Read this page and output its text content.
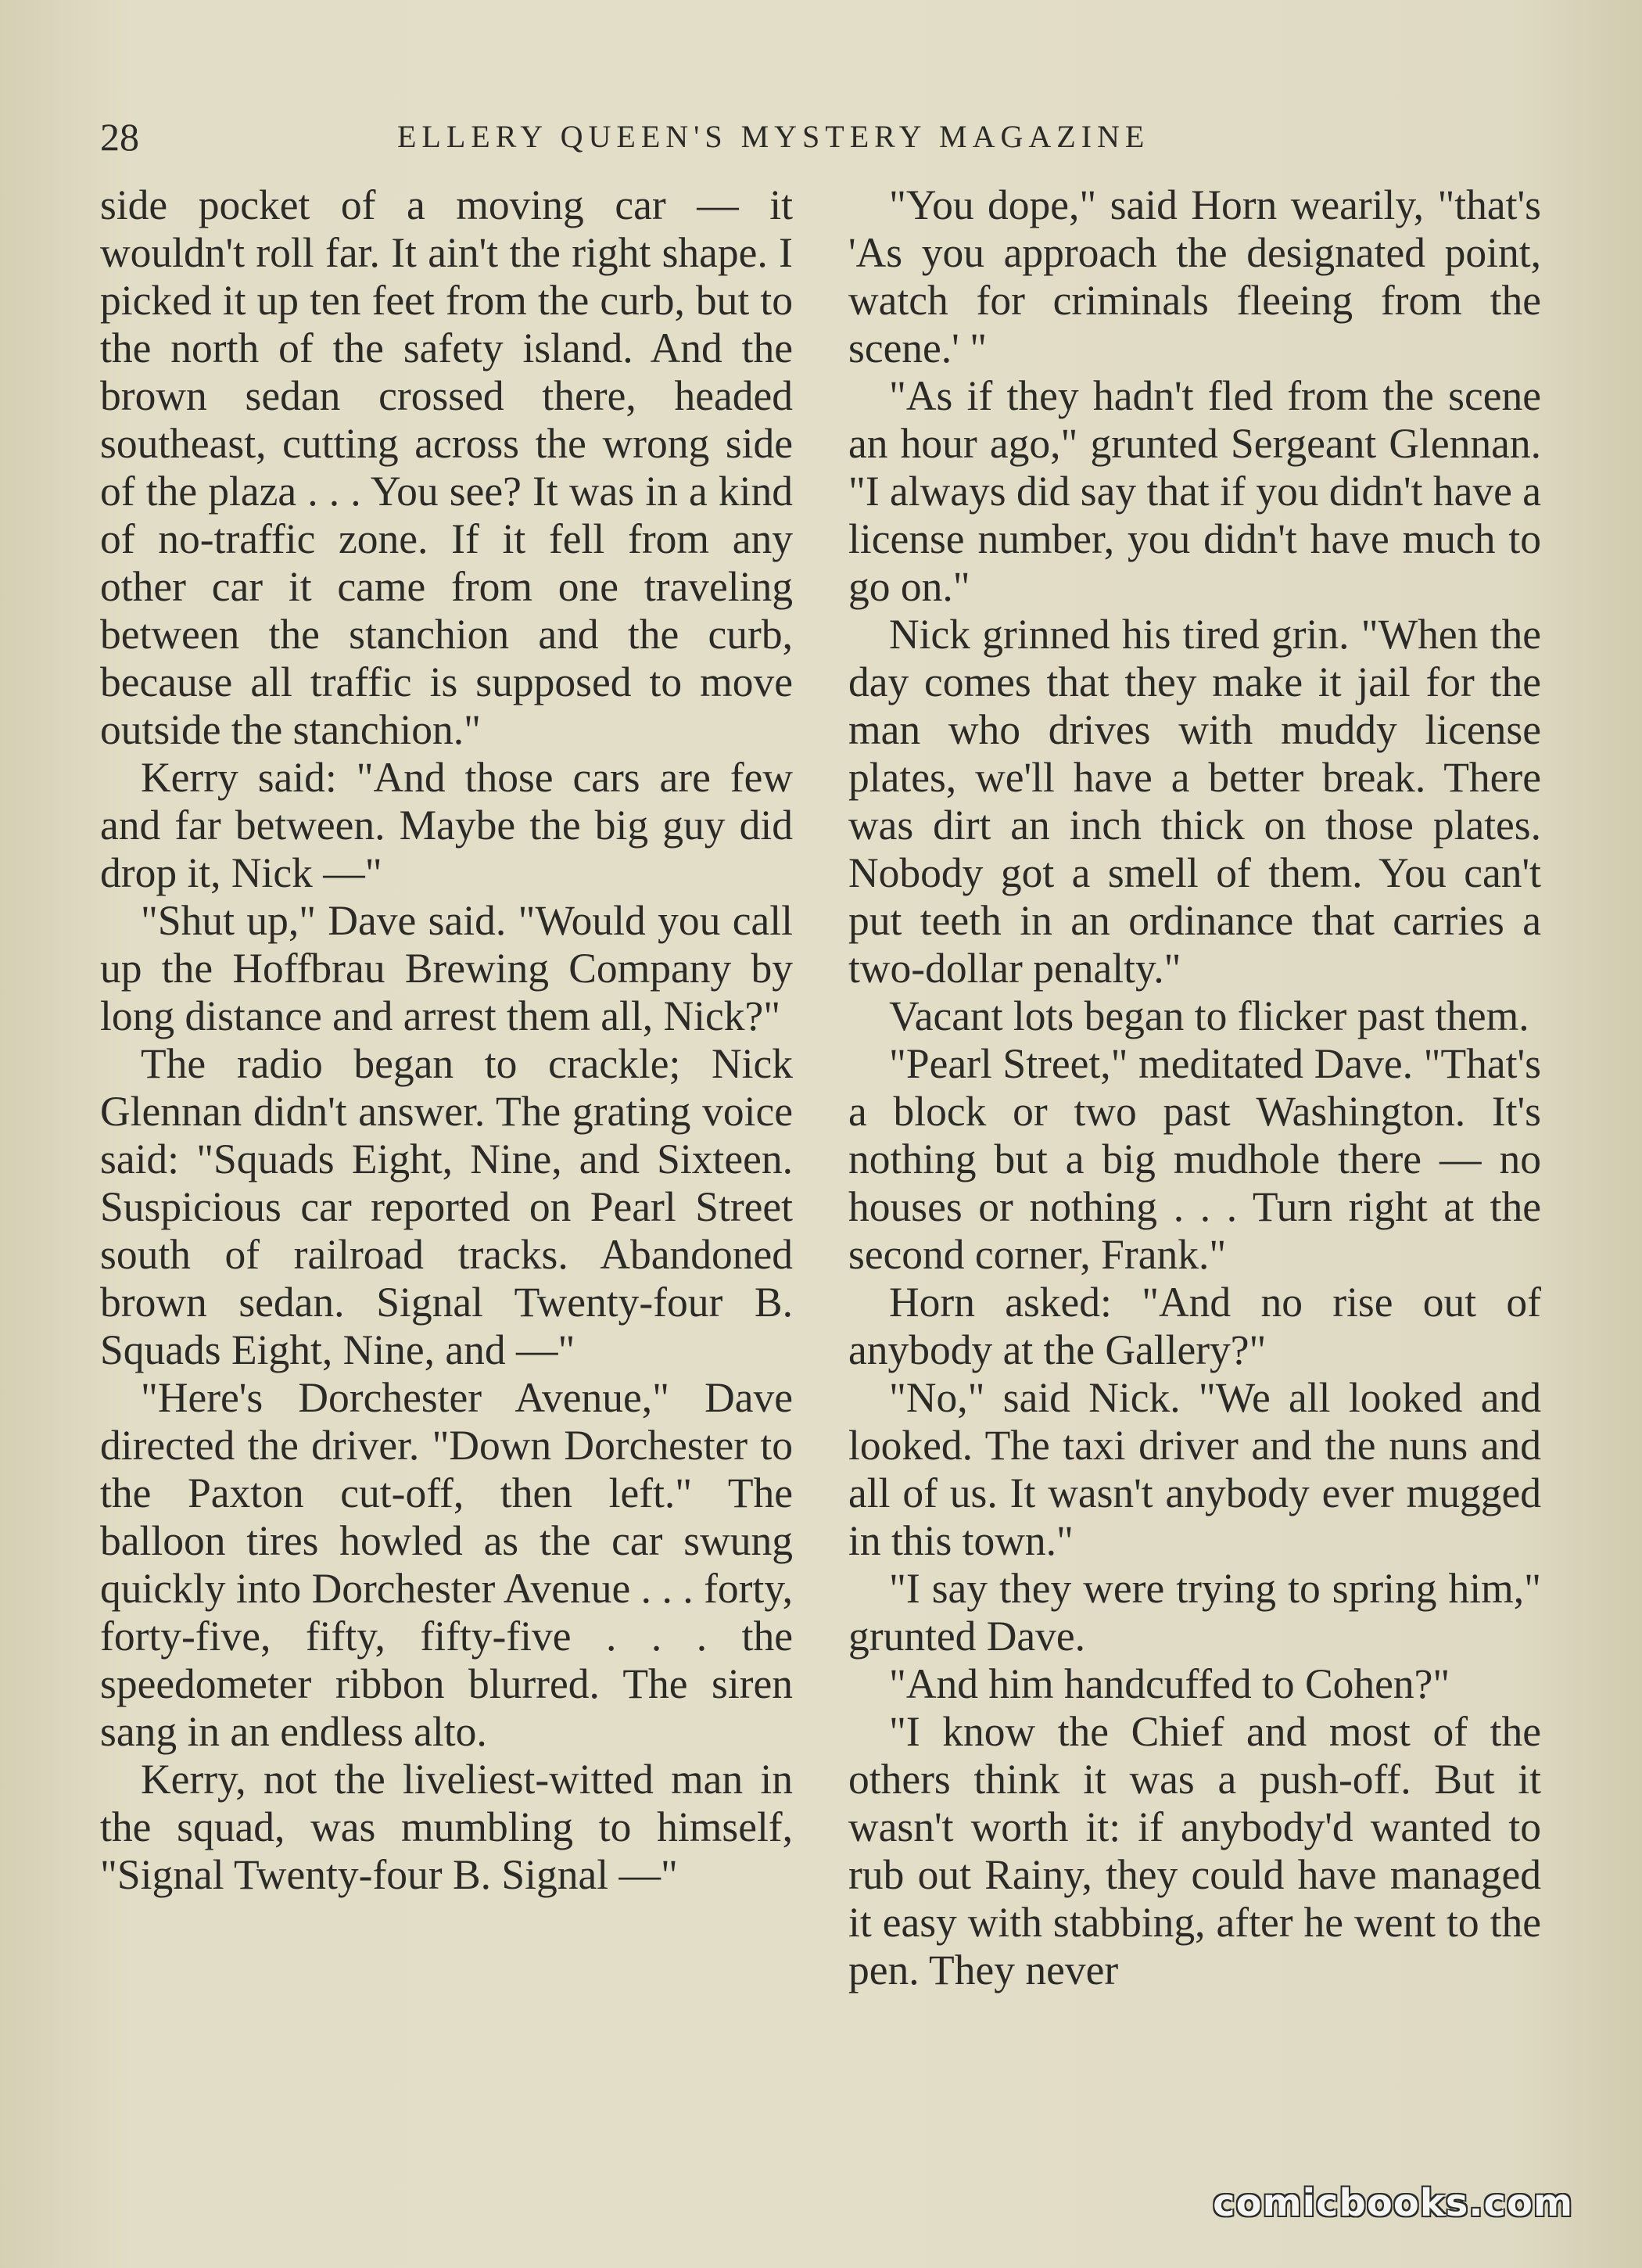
28	ELLERY QUEEN'S MYSTERY MAGAZINE

side pocket of a moving car — it wouldn't roll far. It ain't the right shape. I picked it up ten feet from the curb, but to the north of the safety island. And the brown sedan crossed there, headed southeast, cutting across the wrong side of the plaza . . . You see? It was in a kind of no-traffic zone. If it fell from any other car it came from one traveling between the stanchion and the curb, because all traffic is supposed to move outside the stanchion."

Kerry said: "And those cars are few and far between. Maybe the big guy did drop it, Nick —"

"Shut up," Dave said. "Would you call up the Hoffbrau Brewing Company by long distance and arrest them all, Nick?"

The radio began to crackle; Nick Glennan didn't answer. The grating voice said: "Squads Eight, Nine, and Sixteen. Suspicious car reported on Pearl Street south of railroad tracks. Abandoned brown sedan. Signal Twenty-four B. Squads Eight, Nine, and —"

"Here's Dorchester Avenue," Dave directed the driver. "Down Dorchester to the Paxton cut-off, then left." The balloon tires howled as the car swung quickly into Dorchester Avenue . . . forty, forty-five, fifty, fifty-five . . . the speedometer ribbon blurred. The siren sang in an endless alto.

Kerry, not the liveliest-witted man in the squad, was mumbling to himself, "Signal Twenty-four B. Signal —"

"You dope," said Horn wearily, "that's 'As you approach the designated point, watch for criminals fleeing from the scene.' "

"As if they hadn't fled from the scene an hour ago," grunted Sergeant Glennan. "I always did say that if you didn't have a license number, you didn't have much to go on."

Nick grinned his tired grin. "When the day comes that they make it jail for the man who drives with muddy license plates, we'll have a better break. There was dirt an inch thick on those plates. Nobody got a smell of them. You can't put teeth in an ordinance that carries a two-dollar penalty."

Vacant lots began to flicker past them.

"Pearl Street," meditated Dave. "That's a block or two past Washington. It's nothing but a big mudhole there — no houses or nothing . . . Turn right at the second corner, Frank."

Horn asked: "And no rise out of anybody at the Gallery?"

"No," said Nick. "We all looked and looked. The taxi driver and the nuns and all of us. It wasn't anybody ever mugged in this town."

"I say they were trying to spring him," grunted Dave.

"And him handcuffed to Cohen?"

"I know the Chief and most of the others think it was a push-off. But it wasn't worth it: if anybody'd wanted to rub out Rainy, they could have managed it easy with stabbing, after he went to the pen. They never

comicbooks.com
